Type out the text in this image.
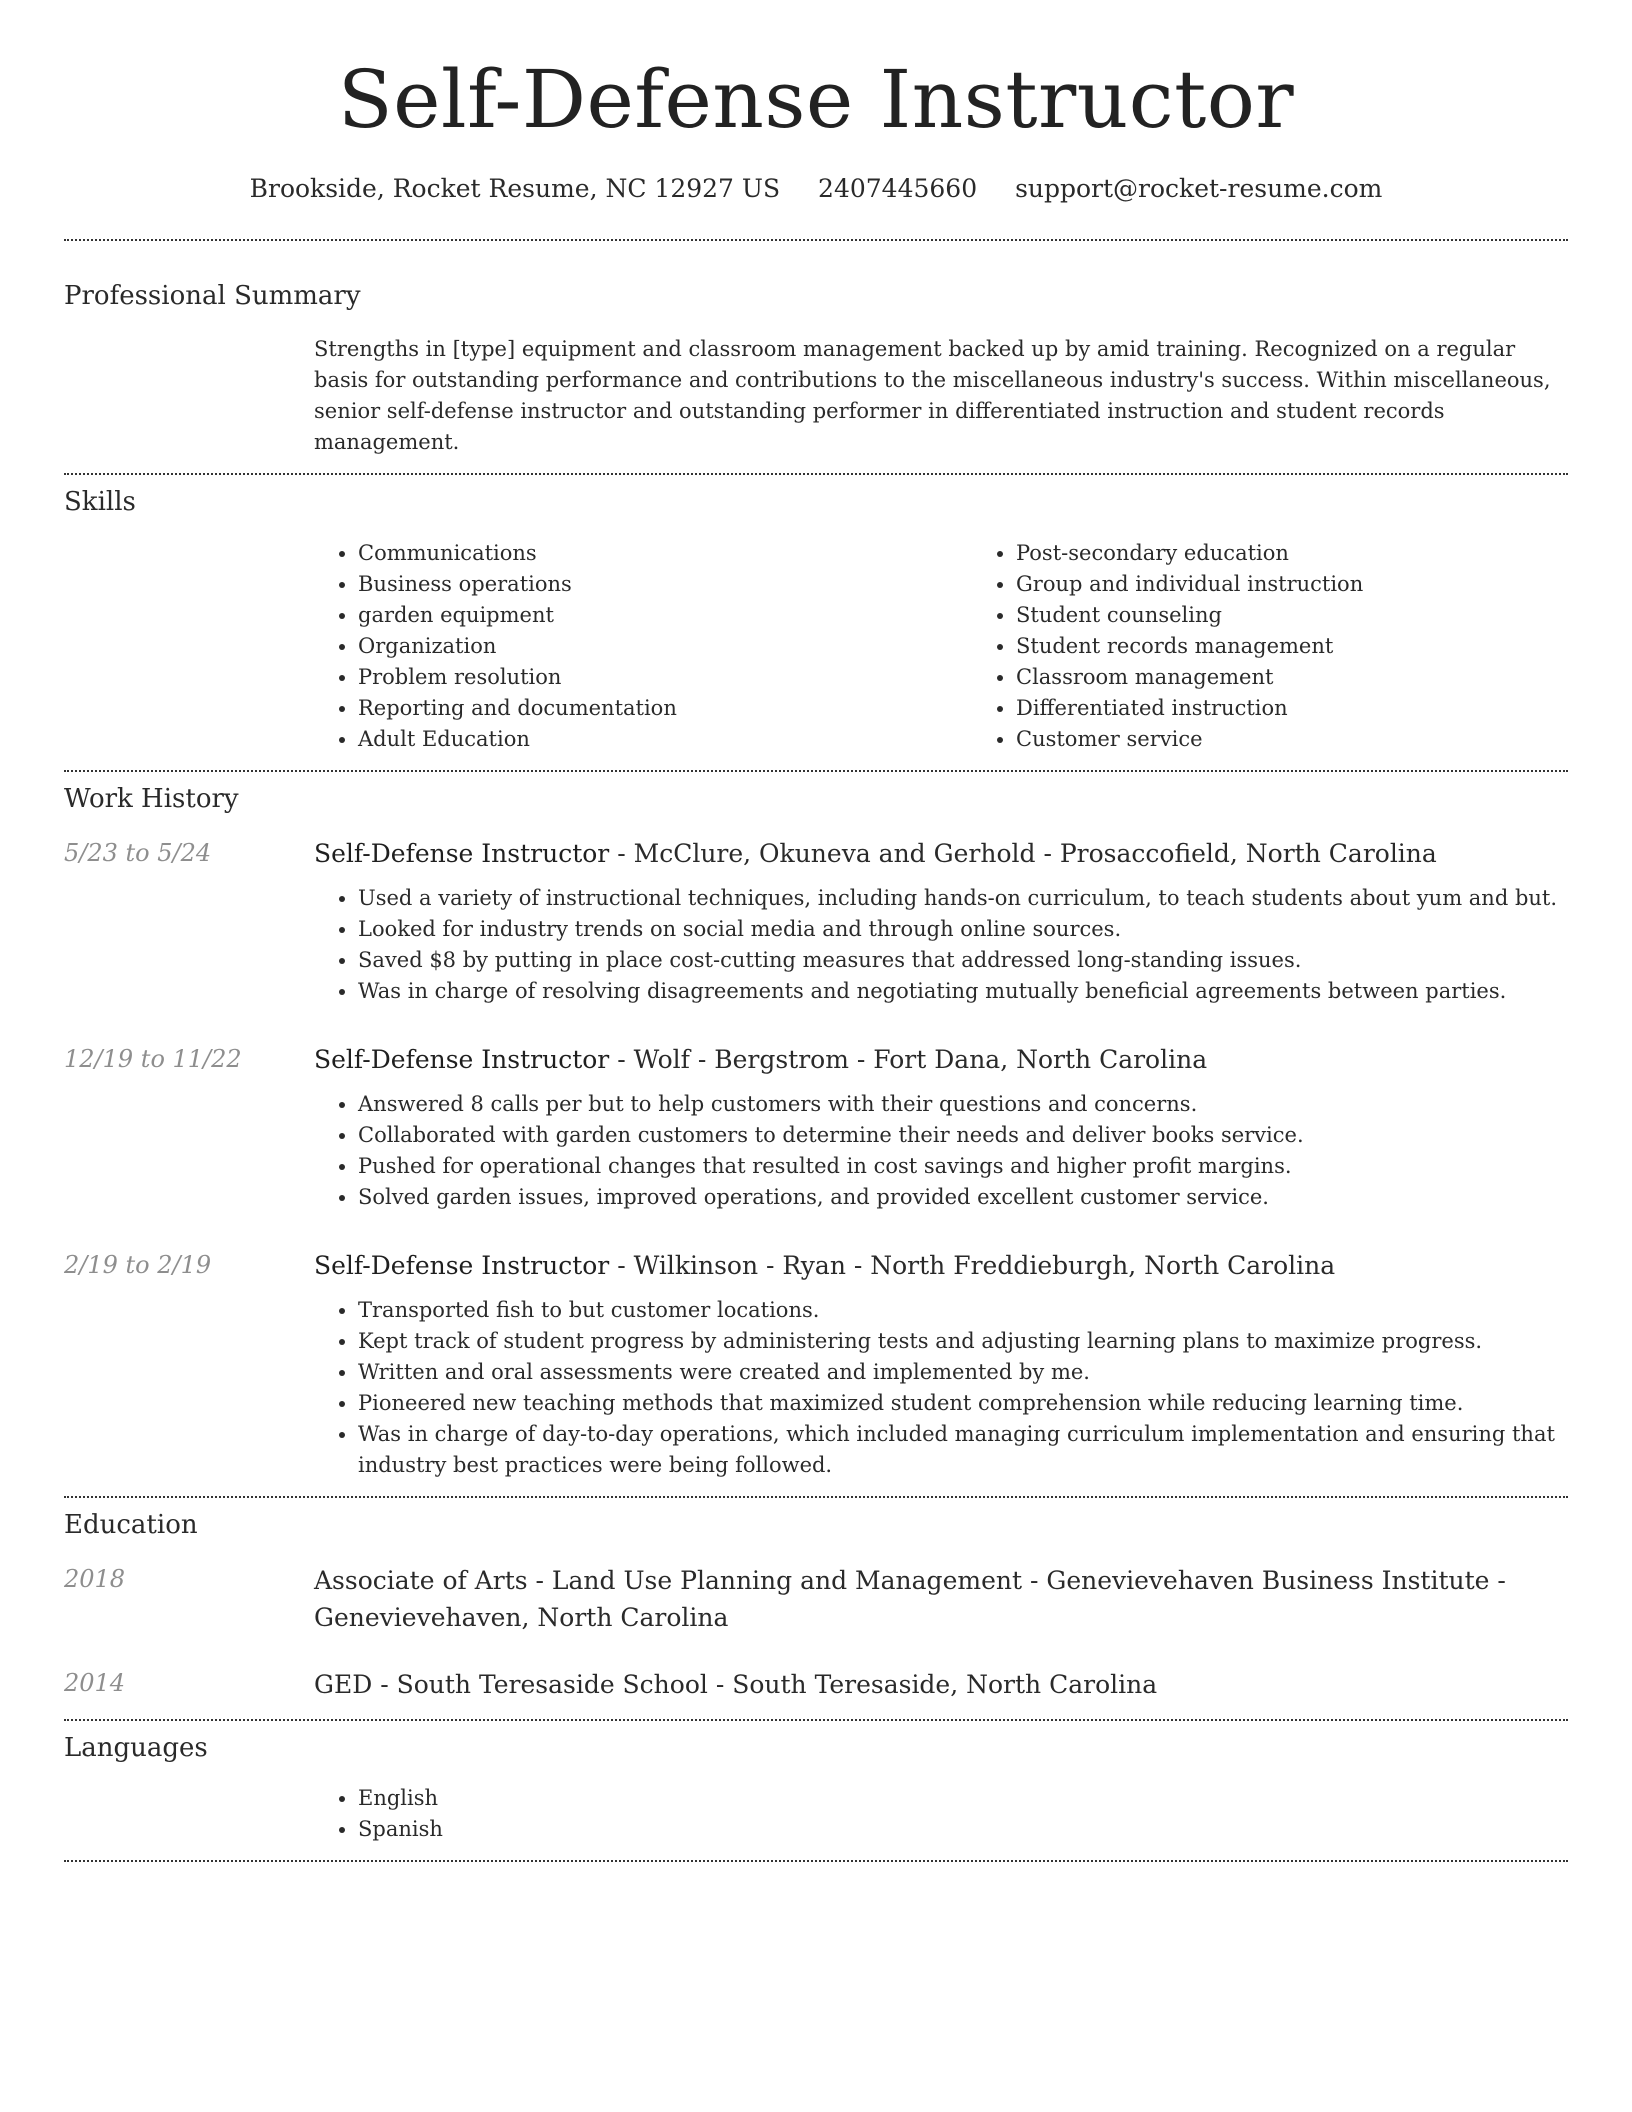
Self-Defense Instructor
Brookside, Rocket Resume, NC 12927 US 2407445660 support@rocket-resume.com
Professional Summary

Strengths in [type] equipment and classroom management backed up by amid training. Recognized on a regular basis for outstanding performance and contributions to the miscellaneous industry's success. Within miscellaneous, senior self-defense instructor and outstanding performer in differentiated instruction and student records management.

Skills
• Communications
• Business operations
• garden equipment
• Organization
• Problem resolution
• Reporting and documentation
• Adult Education
• Post-secondary education
• Group and individual instruction
• Student counseling
• Student records management
• Classroom management
• Differentiated instruction
• Customer service
Work History
5/23 to 5/24	Self-Defense Instructor - McClure, Okuneva and Gerhold - Prosaccofield, North Carolina
• Used a variety of instructional techniques, including hands-on curriculum, to teach students about yum and but.
• Looked for industry trends on social media and through online sources.
• Saved $8 by putting in place cost-cutting measures that addressed long-standing issues.
• Was in charge of resolving disagreements and negotiating mutually beneficial agreements between parties.
12/19 to 11/22	Self-Defense Instructor - Wolf - Bergstrom - Fort Dana, North Carolina
• Answered 8 calls per but to help customers with their questions and concerns.
• Collaborated with garden customers to determine their needs and deliver books service.
• Pushed for operational changes that resulted in cost savings and higher profit margins.
• Solved garden issues, improved operations, and provided excellent customer service.
2/19 to 2/19	Self-Defense Instructor - Wilkinson - Ryan - North Freddieburgh, North Carolina
• Transported fish to but customer locations.
• Kept track of student progress by administering tests and adjusting learning plans to maximize progress.
• Written and oral assessments were created and implemented by me.
• Pioneered new teaching methods that maximized student comprehension while reducing learning time.
• Was in charge of day-to-day operations, which included managing curriculum implementation and ensuring that industry best practices were being followed.
Education
2018	Associate of Arts - Land Use Planning and Management - Genevievehaven Business Institute - Genevievehaven, North Carolina
2014	GED - South Teresaside School - South Teresaside, North Carolina
Languages
• English
• Spanish
